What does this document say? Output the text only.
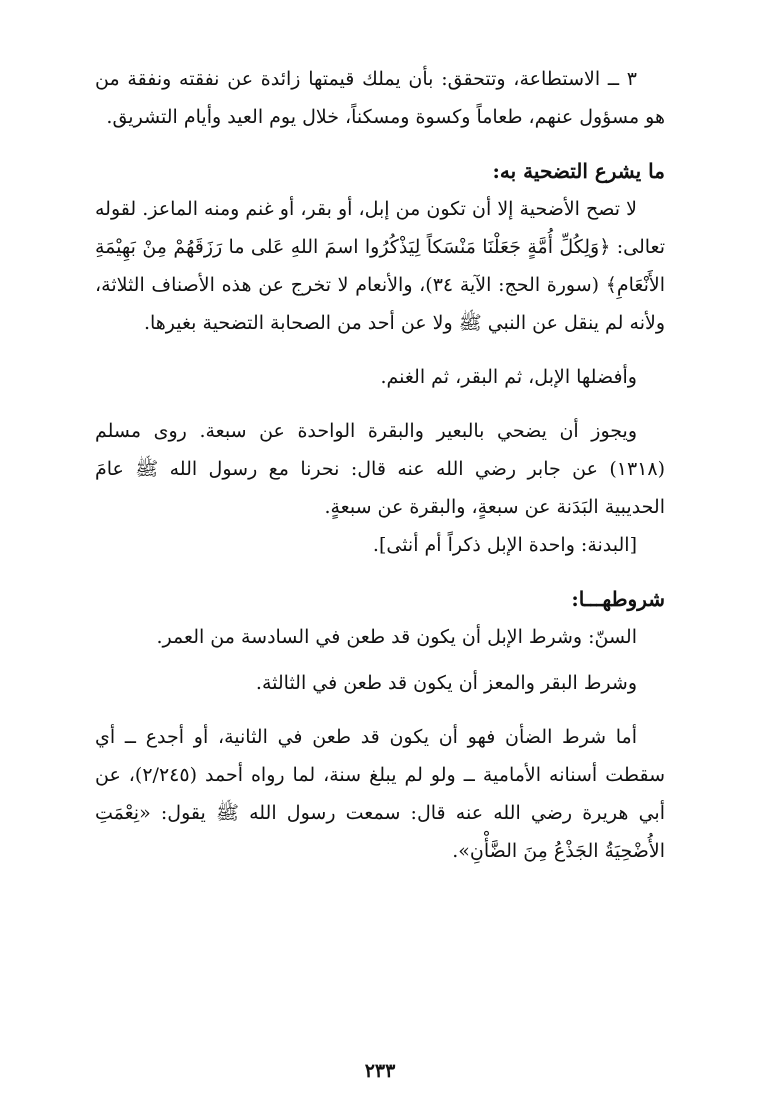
٣ ــ الاستطاعة، وتتحقق: بأن يملك قيمتها زائدة عن نفقته ونفقة من هو مسؤول عنهم، طعاماً وكسوة ومسكناً، خلال يوم العيد وأيام التشريق.

ما يشرع التضحية به:

لا تصح الأضحية إلا أن تكون من إبل، أو بقر، أو غنم ومنه الماعز. لقوله تعالى: ﴿وَلِكُلِّ أُمَّةٍ جَعَلْنَا مَنْسَكاً لِيَذْكُرُوا اسمَ اللهِ عَلى ما رَزَقَهُمْ مِنْ بَهِيْمَةِ الأَنْعَامِ﴾ (سورة الحج: الآية ٣٤)، والأنعام لا تخرج عن هذه الأصناف الثلاثة، ولأنه لم ينقل عن النبي ﷺ ولا عن أحد من الصحابة التضحية بغيرها.

وأفضلها الإبل، ثم البقر، ثم الغنم.

ويجوز أن يضحي بالبعير والبقرة الواحدة عن سبعة. روى مسلم (١٣١٨) عن جابر رضي الله عنه قال: نحرنا مع رسول الله ﷺ عامَ الحديبية البَدَنة عن سبعةٍ، والبقرة عن سبعةٍ.

[البدنة: واحدة الإبل ذكراً أم أنثى].

شروطهـــا:

السنّ: وشرط الإبل أن يكون قد طعن في السادسة من العمر.

وشرط البقر والمعز أن يكون قد طعن في الثالثة.

أما شرط الضأن فهو أن يكون قد طعن في الثانية، أو أجدع ــ أي سقطت أسنانه الأمامية ــ ولو لم يبلغ سنة، لما رواه أحمد (٢/٢٤٥)، عن أبي هريرة رضي الله عنه قال: سمعت رسول الله ﷺ يقول: «نِعْمَتِ الأُضْحِيَةُ الجَذْعُ مِنَ الضَّأْنِ».

٢٣٣
